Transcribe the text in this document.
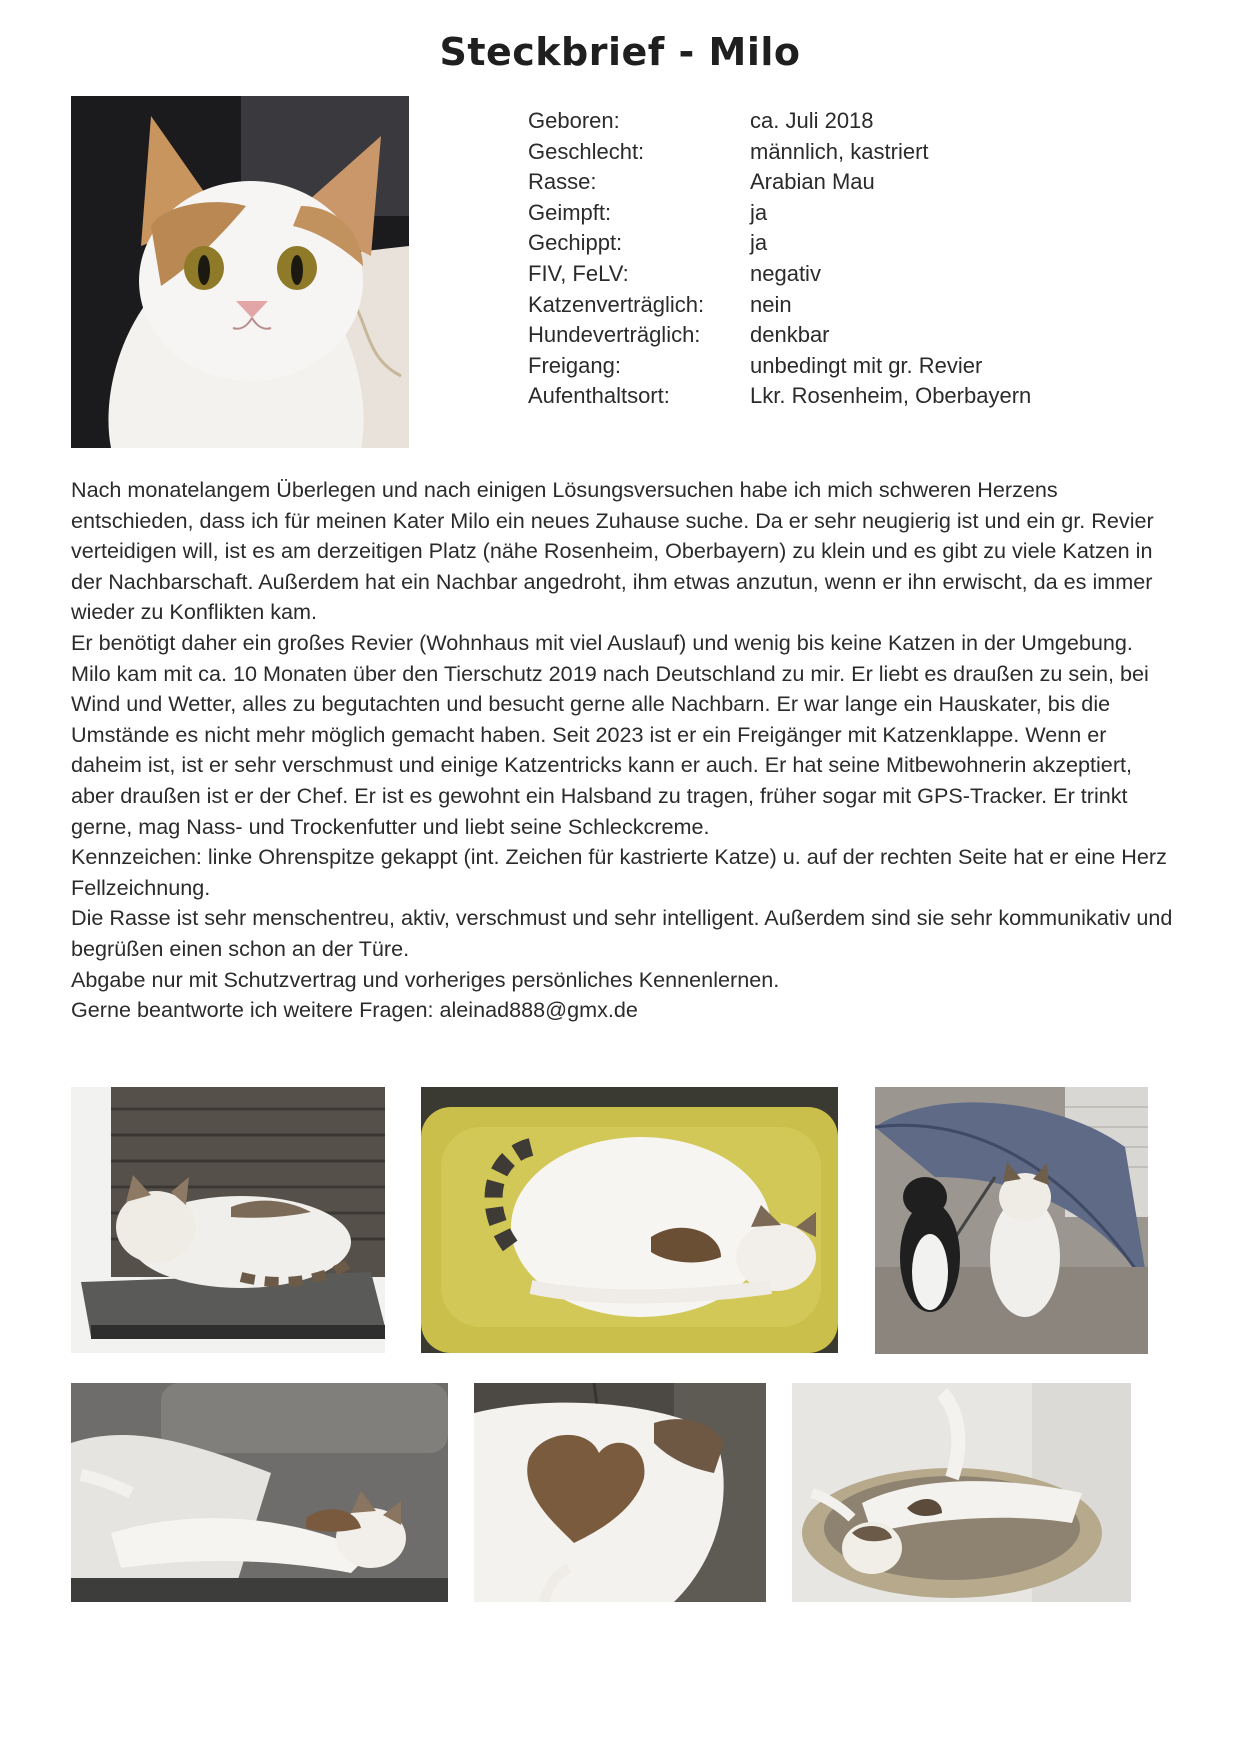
Steckbrief - Milo
Geboren:	ca. Juli 2018
Geschlecht:	männlich, kastriert
Rasse:	Arabian Mau
Geimpft:	ja
Gechippt:	ja
FIV, FeLV:	negativ
Katzenverträglich:	nein
Hundeverträglich:	denkbar
Freigang:	unbedingt mit gr. Revier
Aufenthaltsort:	Lkr. Rosenheim, Oberbayern

Nach monatelangem Überlegen und nach einigen Lösungsversuchen habe ich mich schweren Herzens entschieden, dass ich für meinen Kater Milo ein neues Zuhause suche. Da er sehr neugierig ist und ein gr. Revier verteidigen will, ist es am derzeitigen Platz (nähe Rosenheim, Oberbayern) zu klein und es gibt zu viele Katzen in der Nachbarschaft. Außerdem hat ein Nachbar angedroht, ihm etwas anzutun, wenn er ihn erwischt, da es immer wieder zu Konflikten kam.

Er benötigt daher ein großes Revier (Wohnhaus mit viel Auslauf) und wenig bis keine Katzen in der Umgebung.

Milo kam mit ca. 10 Monaten über den Tierschutz 2019 nach Deutschland zu mir. Er liebt es draußen zu sein, bei Wind und Wetter, alles zu begutachten und besucht gerne alle Nachbarn. Er war lange ein Hauskater, bis die Umstände es nicht mehr möglich gemacht haben. Seit 2023 ist er ein Freigänger mit Katzenklappe. Wenn er daheim ist, ist er sehr verschmust und einige Katzentricks kann er auch. Er hat seine Mitbewohnerin akzeptiert, aber draußen ist er der Chef. Er ist es gewohnt ein Halsband zu tragen, früher sogar mit GPS-Tracker. Er trinkt gerne, mag Nass- und Trockenfutter und liebt seine Schleckcreme.

Kennzeichen: linke Ohrenspitze gekappt (int. Zeichen für kastrierte Katze) u. auf der rechten Seite hat er eine Herz Fellzeichnung.

Die Rasse ist sehr menschentreu, aktiv, verschmust und sehr intelligent. Außerdem sind sie sehr kommunikativ und begrüßen einen schon an der Türe.

Abgabe nur mit Schutzvertrag und vorheriges persönliches Kennenlernen.

Gerne beantworte ich weitere Fragen: aleinad888@gmx.de
